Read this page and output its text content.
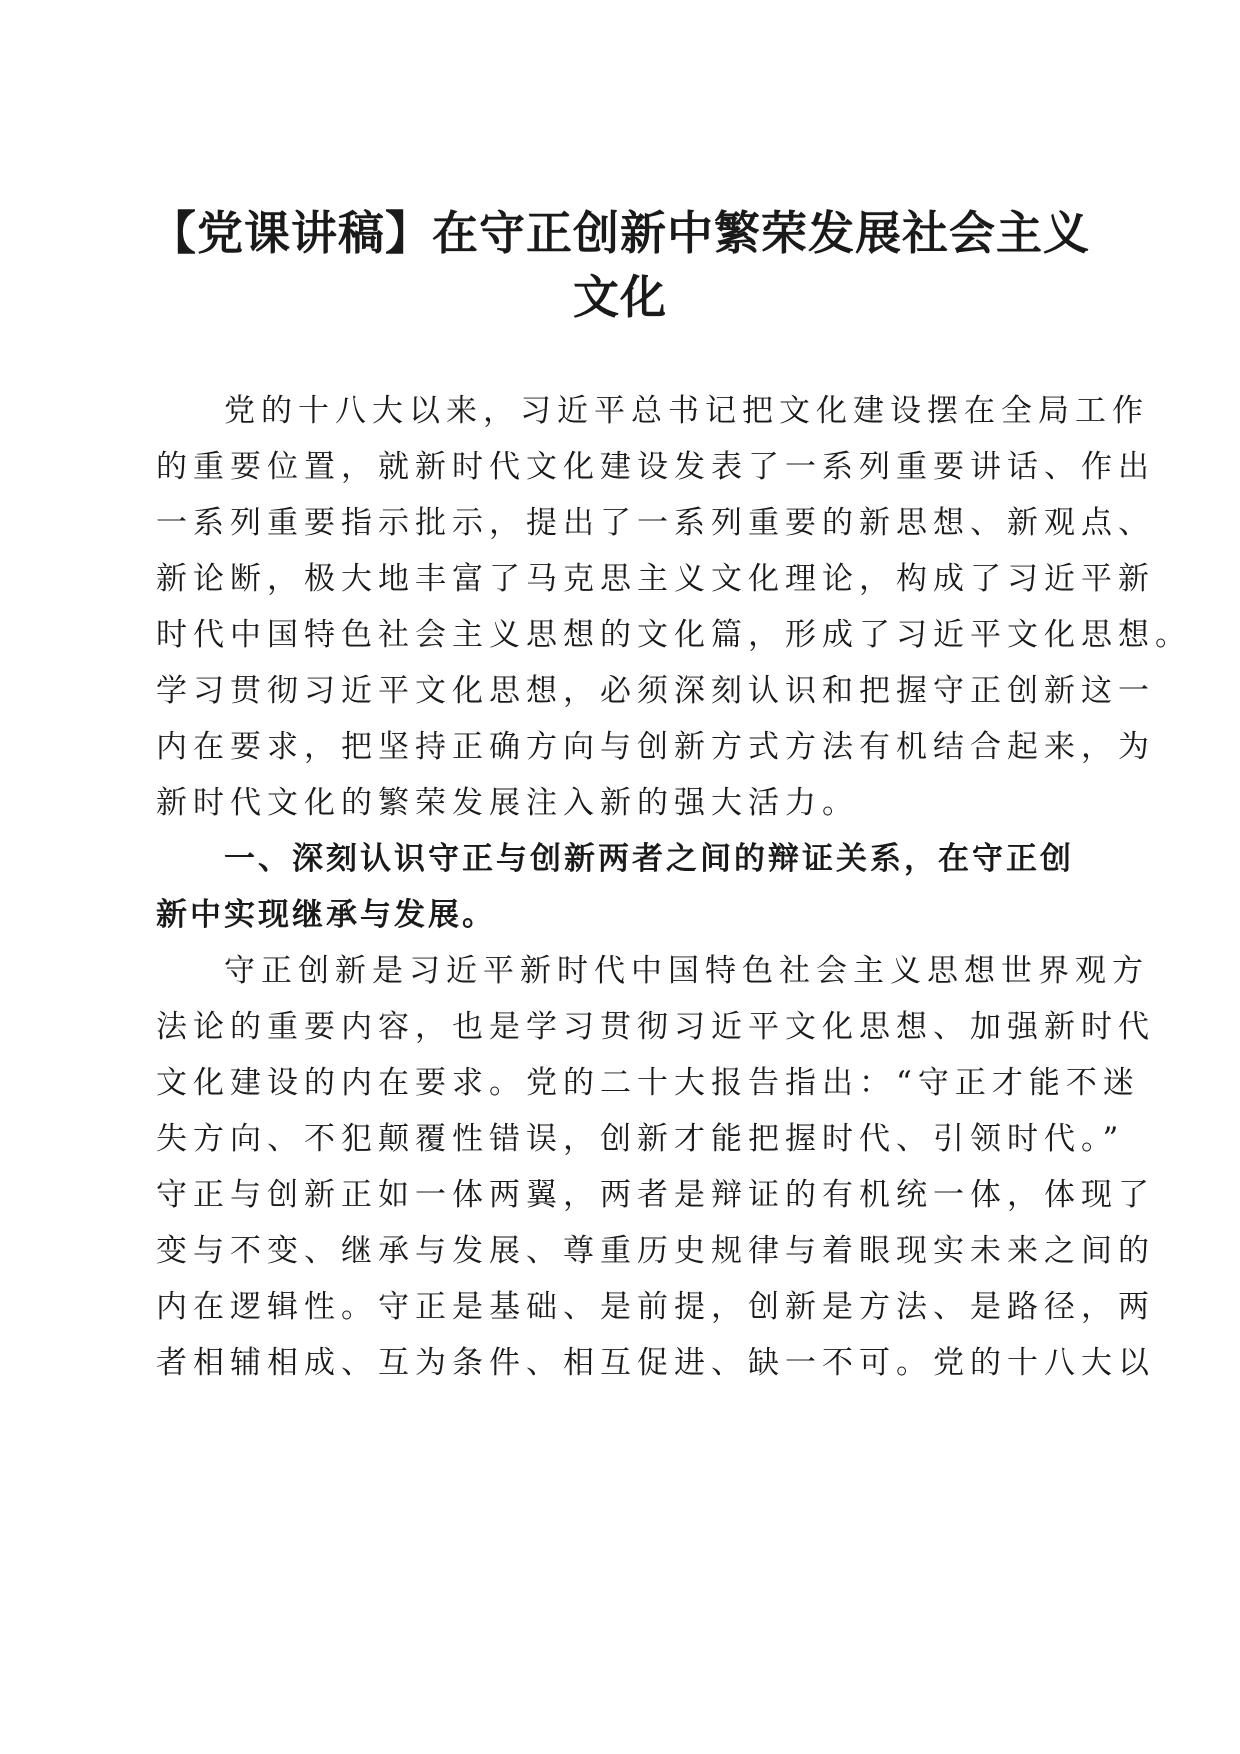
【党课讲稿】在守正创新中繁荣发展社会主义
文化
党的十八大以来，习近平总书记把文化建设摆在全局工作
的重要位置，就新时代文化建设发表了一系列重要讲话、作出
一系列重要指示批示，提出了一系列重要的新思想、新观点、
新论断，极大地丰富了马克思主义文化理论，构成了习近平新
时代中国特色社会主义思想的文化篇，形成了习近平文化思想。
学习贯彻习近平文化思想，必须深刻认识和把握守正创新这一
内在要求，把坚持正确方向与创新方式方法有机结合起来，为
新时代文化的繁荣发展注入新的强大活力。
一、深刻认识守正与创新两者之间的辩证关系，在守正创
新中实现继承与发展。
守正创新是习近平新时代中国特色社会主义思想世界观方
法论的重要内容，也是学习贯彻习近平文化思想、加强新时代
文化建设的内在要求。党的二十大报告指出：“守正才能不迷
失方向、不犯颠覆性错误，创新才能把握时代、引领时代。”
守正与创新正如一体两翼，两者是辩证的有机统一体，体现了
变与不变、继承与发展、尊重历史规律与着眼现实未来之间的
内在逻辑性。守正是基础、是前提，创新是方法、是路径，两
者相辅相成、互为条件、相互促进、缺一不可。党的十八大以
